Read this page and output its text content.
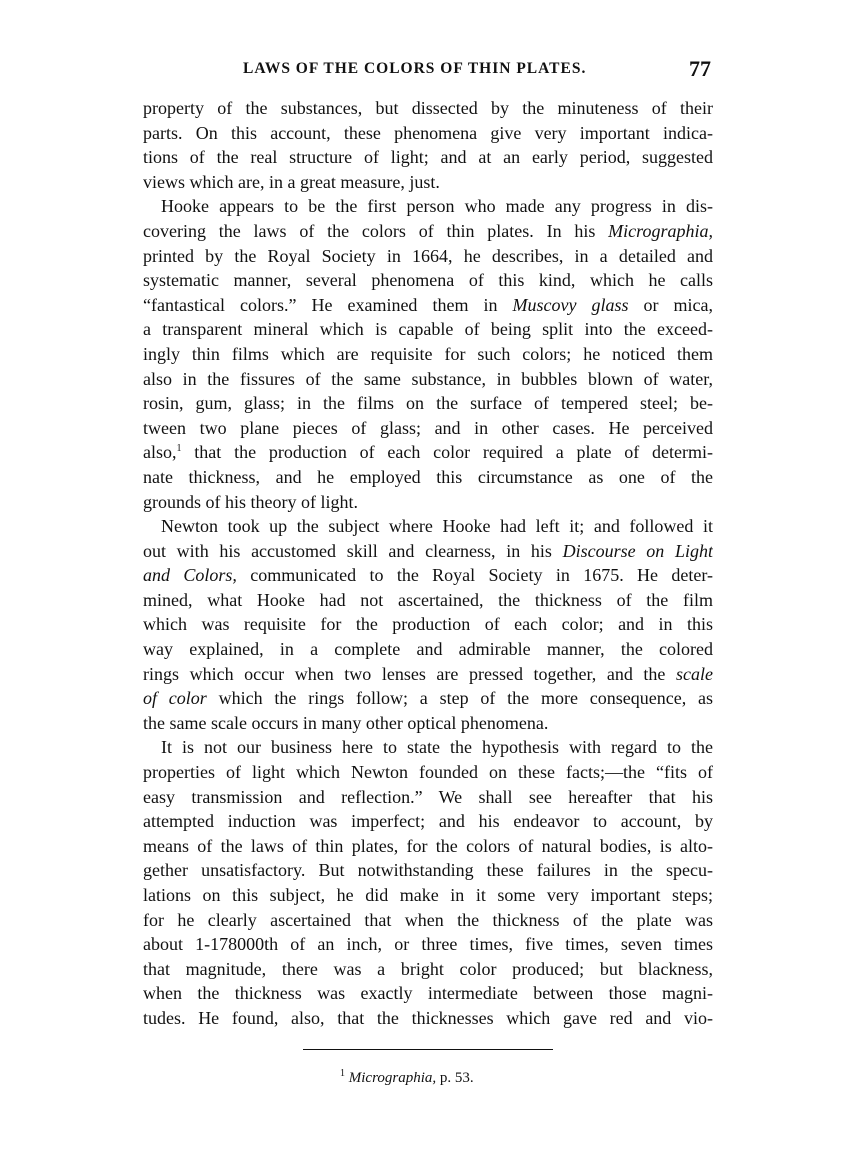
LAWS OF THE COLORS OF THIN PLATES.	77
property of the substances, but dissected by the minuteness of their
parts. On this account, these phenomena give very important indica-
tions of the real structure of light; and at an early period, suggested
views which are, in a great measure, just.
Hooke appears to be the first person who made any progress in dis-
covering the laws of the colors of thin plates. In his Micrographia,
printed by the Royal Society in 1664, he describes, in a detailed and
systematic manner, several phenomena of this kind, which he calls
“fantastical colors.” He examined them in Muscovy glass or mica,
a transparent mineral which is capable of being split into the exceed-
ingly thin films which are requisite for such colors; he noticed them
also in the fissures of the same substance, in bubbles blown of water,
rosin, gum, glass; in the films on the surface of tempered steel; be-
tween two plane pieces of glass; and in other cases. He perceived
also,$^1$ that the production of each color required a plate of determi-
nate thickness, and he employed this circumstance as one of the
grounds of his theory of light.
Newton took up the subject where Hooke had left it; and followed it
out with his accustomed skill and clearness, in his Discourse on Light
and Colors, communicated to the Royal Society in 1675. He deter-
mined, what Hooke had not ascertained, the thickness of the film
which was requisite for the production of each color; and in this
way explained, in a complete and admirable manner, the colored
rings which occur when two lenses are pressed together, and the scale
of color which the rings follow; a step of the more consequence, as
the same scale occurs in many other optical phenomena.
It is not our business here to state the hypothesis with regard to the
properties of light which Newton founded on these facts;—the “fits of
easy transmission and reflection.” We shall see hereafter that his
attempted induction was imperfect; and his endeavor to account, by
means of the laws of thin plates, for the colors of natural bodies, is alto-
gether unsatisfactory. But notwithstanding these failures in the specu-
lations on this subject, he did make in it some very important steps;
for he clearly ascertained that when the thickness of the plate was
about 1-178000th of an inch, or three times, five times, seven times
that magnitude, there was a bright color produced; but blackness,
when the thickness was exactly intermediate between those magni-
tudes. He found, also, that the thicknesses which gave red and vio-
$^1$ Micrographia, p. 53.
